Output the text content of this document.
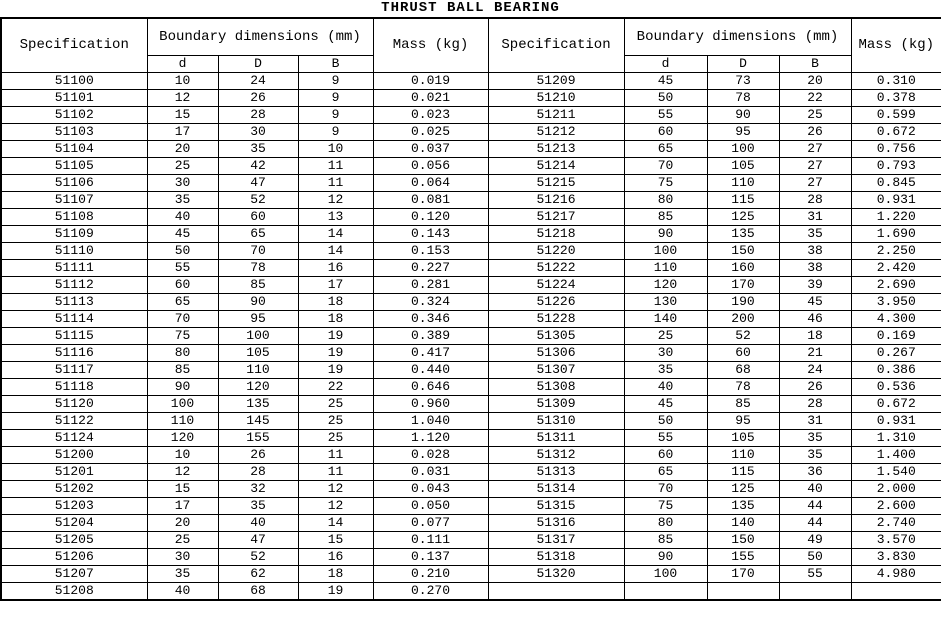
THRUST BALL BEARING
Specification	Boundary dimensions (mm)			Mass (kg)	Specification	Boundary dimensions (mm)			Mass (kg)
	d	D	B			d	D	B	
51100	10	24	9	0.019	51209	45	73	20	0.310
51101	12	26	9	0.021	51210	50	78	22	0.378
51102	15	28	9	0.023	51211	55	90	25	0.599
51103	17	30	9	0.025	51212	60	95	26	0.672
51104	20	35	10	0.037	51213	65	100	27	0.756
51105	25	42	11	0.056	51214	70	105	27	0.793
51106	30	47	11	0.064	51215	75	110	27	0.845
51107	35	52	12	0.081	51216	80	115	28	0.931
51108	40	60	13	0.120	51217	85	125	31	1.220
51109	45	65	14	0.143	51218	90	135	35	1.690
51110	50	70	14	0.153	51220	100	150	38	2.250
51111	55	78	16	0.227	51222	110	160	38	2.420
51112	60	85	17	0.281	51224	120	170	39	2.690
51113	65	90	18	0.324	51226	130	190	45	3.950
51114	70	95	18	0.346	51228	140	200	46	4.300
51115	75	100	19	0.389	51305	25	52	18	0.169
51116	80	105	19	0.417	51306	30	60	21	0.267
51117	85	110	19	0.440	51307	35	68	24	0.386
51118	90	120	22	0.646	51308	40	78	26	0.536
51120	100	135	25	0.960	51309	45	85	28	0.672
51122	110	145	25	1.040	51310	50	95	31	0.931
51124	120	155	25	1.120	51311	55	105	35	1.310
51200	10	26	11	0.028	51312	60	110	35	1.400
51201	12	28	11	0.031	51313	65	115	36	1.540
51202	15	32	12	0.043	51314	70	125	40	2.000
51203	17	35	12	0.050	51315	75	135	44	2.600
51204	20	40	14	0.077	51316	80	140	44	2.740
51205	25	47	15	0.111	51317	85	150	49	3.570
51206	30	52	16	0.137	51318	90	155	50	3.830
51207	35	62	18	0.210	51320	100	170	55	4.980
51208	40	68	19	0.270					
